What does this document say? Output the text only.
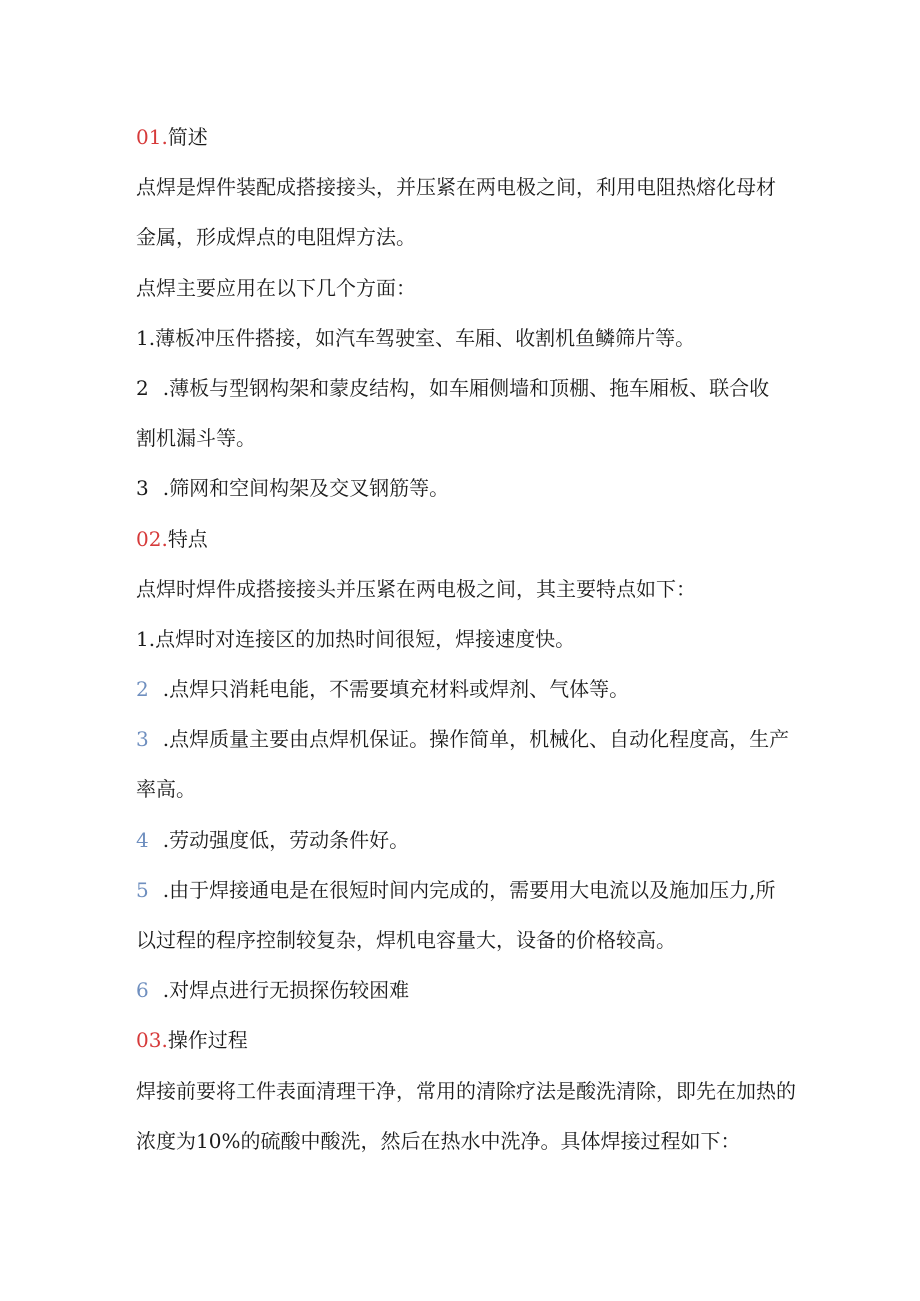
01.简述
点焊是焊件装配成搭接接头，并压紧在两电极之间，利用电阻热熔化母材
金属，形成焊点的电阻焊方法。
点焊主要应用在以下几个方面：
1.薄板冲压件搭接，如汽车驾驶室、车厢、收割机鱼鳞筛片等。
2 .薄板与型钢构架和蒙皮结构，如车厢侧墙和顶棚、拖车厢板、联合收
割机漏斗等。
3 .筛网和空间构架及交叉钢筋等。
02.特点
点焊时焊件成搭接接头并压紧在两电极之间，其主要特点如下：
1.点焊时对连接区的加热时间很短，焊接速度快。
2 .点焊只消耗电能，不需要填充材料或焊剂、气体等。
3 .点焊质量主要由点焊机保证。操作简单，机械化、自动化程度高，生产
率高。
4 .劳动强度低，劳动条件好。
5 .由于焊接通电是在很短时间内完成的，需要用大电流以及施加压力,所
以过程的程序控制较复杂，焊机电容量大，设备的价格较高。
6 .对焊点进行无损探伤较困难
03.操作过程
焊接前要将工件表面清理干净，常用的清除疗法是酸洗清除，即先在加热的
浓度为10%的硫酸中酸洗，然后在热水中洗净。具体焊接过程如下：
